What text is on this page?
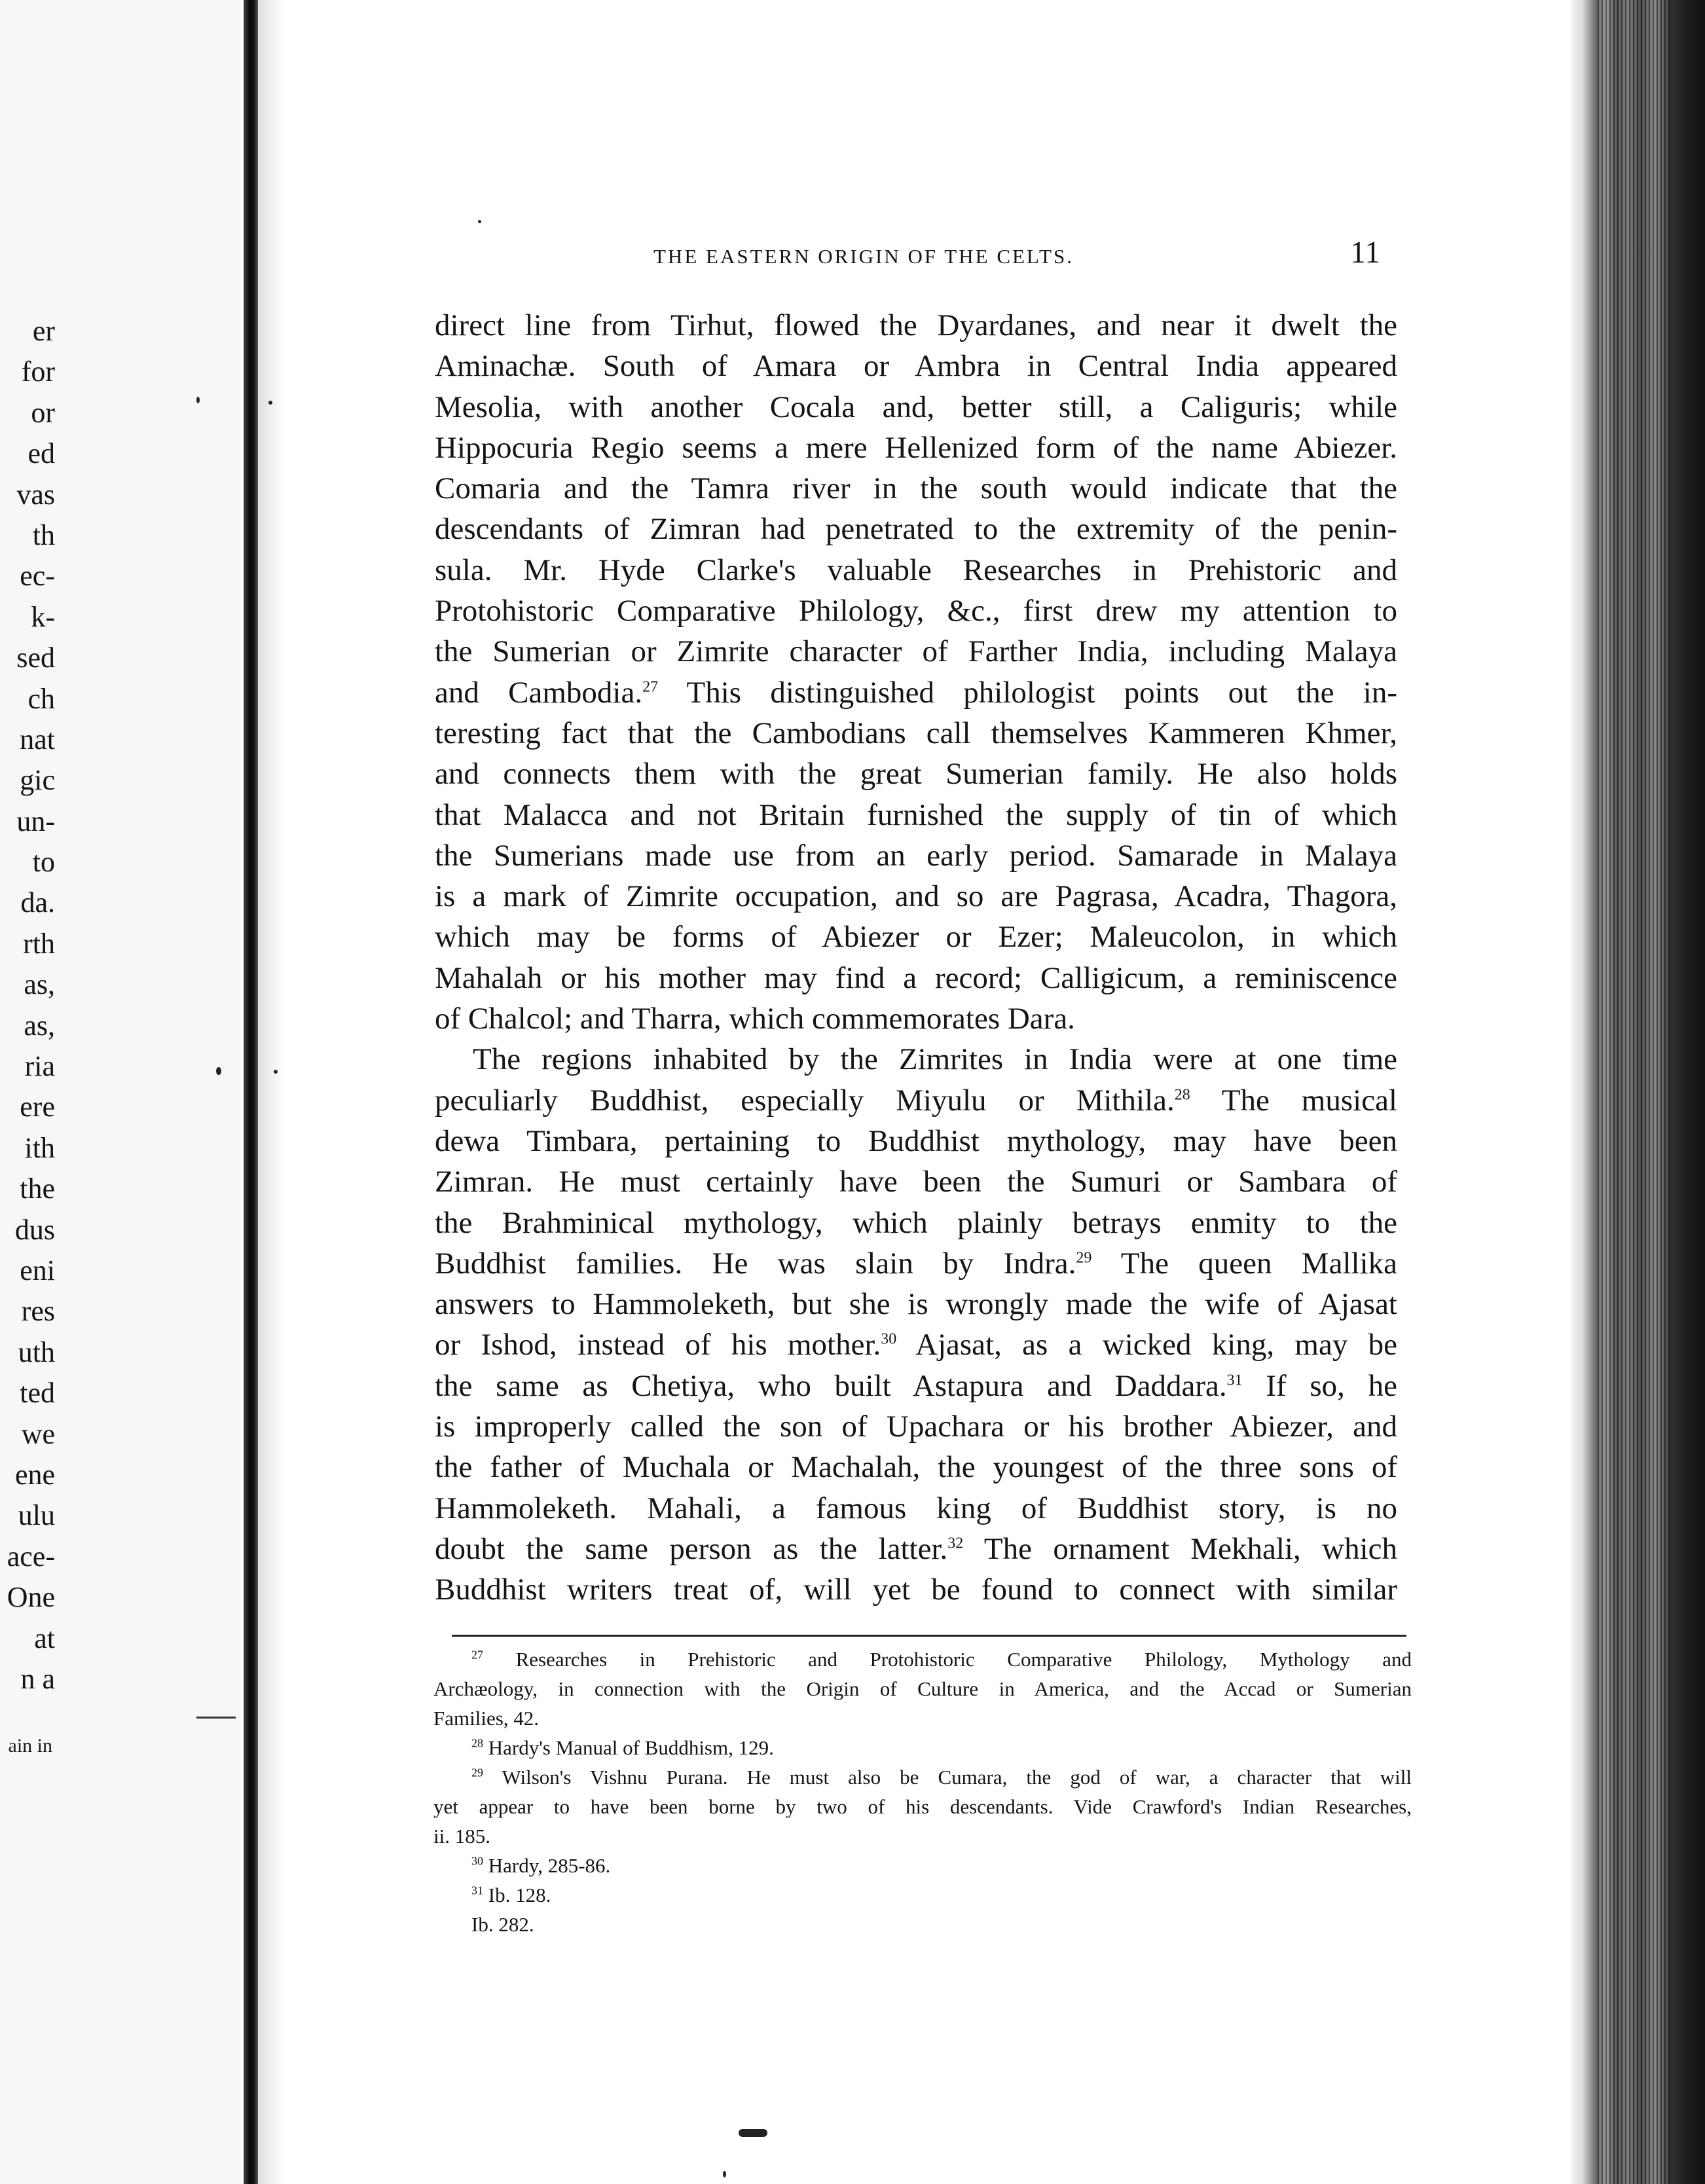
er
for
or
ed
vas
th
ec-
k-
sed
ch
nat
gic
un-
to
da.
rth
as,
as,
ria
ere
ith
the
dus
eni
res
uth
ted
we
ene
ulu
ace-
One
at
n a
ain in
THE EASTERN ORIGIN OF THE CELTS.	11
direct line from Tirhut, flowed the Dyardanes, and near it dwelt the
Aminachæ. South of Amara or Ambra in Central India appeared
Mesolia, with another Cocala and, better still, a Caliguris; while
Hippocuria Regio seems a mere Hellenized form of the name Abiezer.
Comaria and the Tamra river in the south would indicate that the
descendants of Zimran had penetrated to the extremity of the penin-
sula. Mr. Hyde Clarke's valuable Researches in Prehistoric and
Protohistoric Comparative Philology, &c., first drew my attention to
the Sumerian or Zimrite character of Farther India, including Malaya
and Cambodia.$^{27}$ This distinguished philologist points out the in-
teresting fact that the Cambodians call themselves Kammeren Khmer,
and connects them with the great Sumerian family. He also holds
that Malacca and not Britain furnished the supply of tin of which
the Sumerians made use from an early period. Samarade in Malaya
is a mark of Zimrite occupation, and so are Pagrasa, Acadra, Thagora,
which may be forms of Abiezer or Ezer; Maleucolon, in which
Mahalah or his mother may find a record; Calligicum, a reminiscence
of Chalcol; and Tharra, which commemorates Dara.
The regions inhabited by the Zimrites in India were at one time
peculiarly Buddhist, especially Miyulu or Mithila.$^{28}$ The musical
dewa Timbara, pertaining to Buddhist mythology, may have been
Zimran. He must certainly have been the Sumuri or Sambara of
the Brahminical mythology, which plainly betrays enmity to the
Buddhist families. He was slain by Indra.$^{29}$ The queen Mallika
answers to Hammoleketh, but she is wrongly made the wife of Ajasat
or Ishod, instead of his mother.$^{30}$ Ajasat, as a wicked king, may be
the same as Chetiya, who built Astapura and Daddara.$^{31}$ If so, he
is improperly called the son of Upachara or his brother Abiezer, and
the father of Muchala or Machalah, the youngest of the three sons of
Hammoleketh. Mahali, a famous king of Buddhist story, is no
doubt the same person as the latter.$^{32}$ The ornament Mekhali, which
Buddhist writers treat of, will yet be found to connect with similar
$^{27}$ Researches in Prehistoric and Protohistoric Comparative Philology, Mythology and
Archæology, in connection with the Origin of Culture in America, and the Accad or Sumerian
Families, 42.
$^{28}$ Hardy's Manual of Buddhism, 129.
$^{29}$ Wilson's Vishnu Purana. He must also be Cumara, the god of war, a character that will
yet appear to have been borne by two of his descendants. Vide Crawford's Indian Researches,
ii. 185.
$^{30}$ Hardy, 285-86.
$^{31}$ Ib. 128.
Ib. 282.
